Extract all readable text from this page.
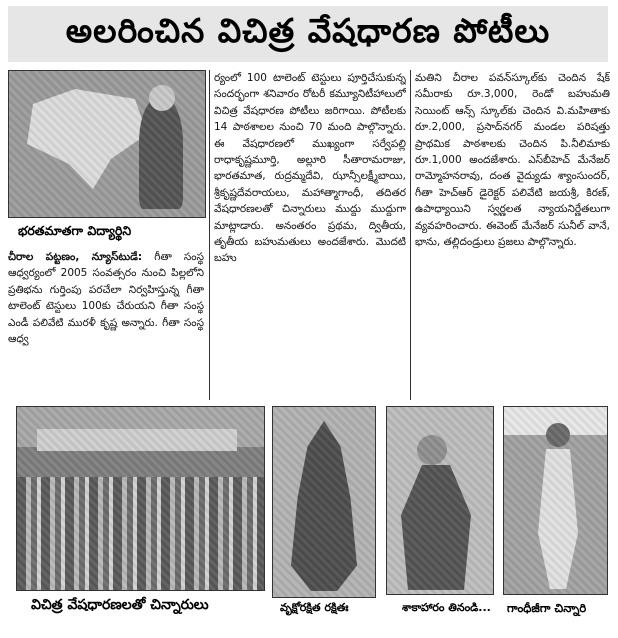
అలరించిన విచిత్ర వేషధారణ పోటీలు
భరతమాతగా విద్యార్థిని

చీరాల పట్టణం, న్యూస్‌టుడే: గీతా సంస్థ ఆధ్వర్యంలో 2005 సంవత్సరం నుంచి పిల్లలోని ప్రతిభను గుర్తింపు పరచేలా నిర్వహిస్తున్న గీతా టాలెంట్ టెస్టులు 100కు చేరుయని గీతా సంస్థ ఎండీ పలివేటి మురళీ కృష్ణ అన్నారు. గీతా సంస్థ ఆధ్వ

ర్యంలో 100 టాలెంట్ టెస్టులు పూర్తిచేసుకున్న సందర్భంగా శనివారం రోటరీ కమ్యూనిటీహాలులో విచిత్ర వేషధారణ పోటీలు జరిగాయి. పోటీలకు 14 పాఠశాలల నుంచి 70 మంది పాల్గొన్నారు. ఈ వేషధారణలో ముఖ్యంగా సర్వేపల్లి రాధాకృష్ణమూర్తి, అల్లూరి సీతారామరాజు, భారతమాత, రుద్రమ్మదేవి, ఝాన్సీలక్ష్మీబాయి, శ్రీకృష్ణదేవరాయలు, మహాత్మాగాంధీ, తదితర వేషధారణలతో చిన్నారులు ముద్దు ముద్దుగా మాట్లాడారు. అనంతరం ప్రథమ, ద్వితీయ, తృతీయ బహుమతులు అందజేశారు. మొదటి బహు

మతిని చీరాల పవన్‌స్కూల్‌కు చెందిన షేక్ సమీరాకు రూ.3,000, రెండో బహుమతి సెయింట్ ఆన్స్ స్కూల్‌కు చెందిన వి.మహితాకు రూ.2,000, ప్రసాద్‌నగర్ మండల పరిషత్తు ప్రాథమిక పాఠశాలకు చెందిన పి.నీలిమాకు రూ.1,000 అందజేశారు. ఎస్‌బీహెచ్ మేనేజర్ రామ్మోహనరావు, దంత వైద్యుడు శ్యాంసుందర్, గీతా హెచ్ఆర్ డైరెక్టర్ పలివేటి జయశ్రీ, కిరణ్, ఉపాధ్యాయిని స్వర్ణలత న్యాయనిర్ణేతలుగా వ్యవహరించారు. ఈవెంట్ మేనేజర్ సునీల్ వానే, భాను, తల్లిదండ్రులు ప్రజలు పాల్గొన్నారు.

విచిత్ర వేషధారణలతో చిన్నారులు	వృక్షోరక్షిత రక్షితః	శాకాహారం తినండి... గాంధీజీగా చిన్నారి
